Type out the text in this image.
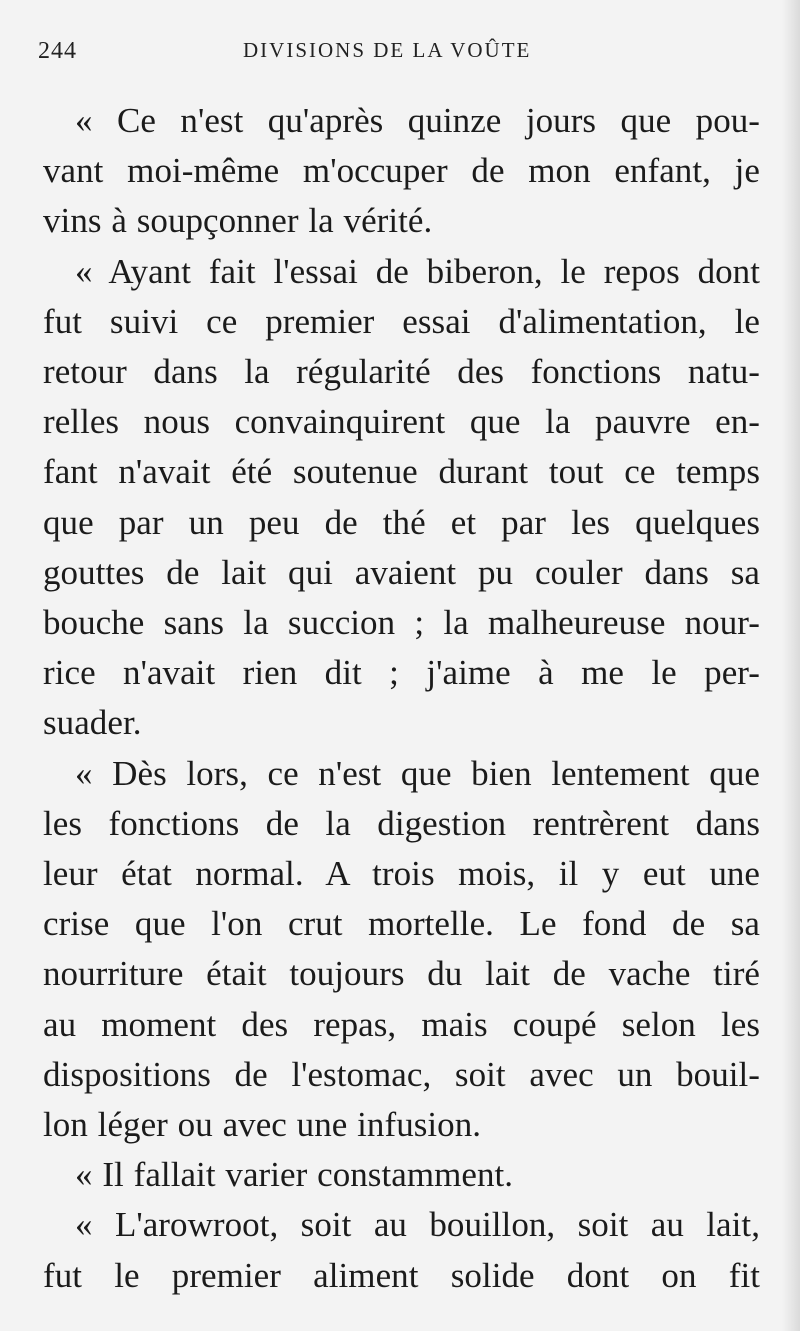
244	DIVISIONS DE LA VOÛTE
« Ce n'est qu'après quinze jours que pou-
vant moi-même m'occuper de mon enfant, je
vins à soupçonner la vérité.
« Ayant fait l'essai de biberon, le repos dont
fut suivi ce premier essai d'alimentation, le
retour dans la régularité des fonctions natu-
relles nous convainquirent que la pauvre en-
fant n'avait été soutenue durant tout ce temps
que par un peu de thé et par les quelques
gouttes de lait qui avaient pu couler dans sa
bouche sans la succion ; la malheureuse nour-
rice n'avait rien dit ; j'aime à me le per-
suader.
« Dès lors, ce n'est que bien lentement que
les fonctions de la digestion rentrèrent dans
leur état normal. A trois mois, il y eut une
crise que l'on crut mortelle. Le fond de sa
nourriture était toujours du lait de vache tiré
au moment des repas, mais coupé selon les
dispositions de l'estomac, soit avec un bouil-
lon léger ou avec une infusion.
« Il fallait varier constamment.
« L'arowroot, soit au bouillon, soit au lait,
fut le premier aliment solide dont on fit
